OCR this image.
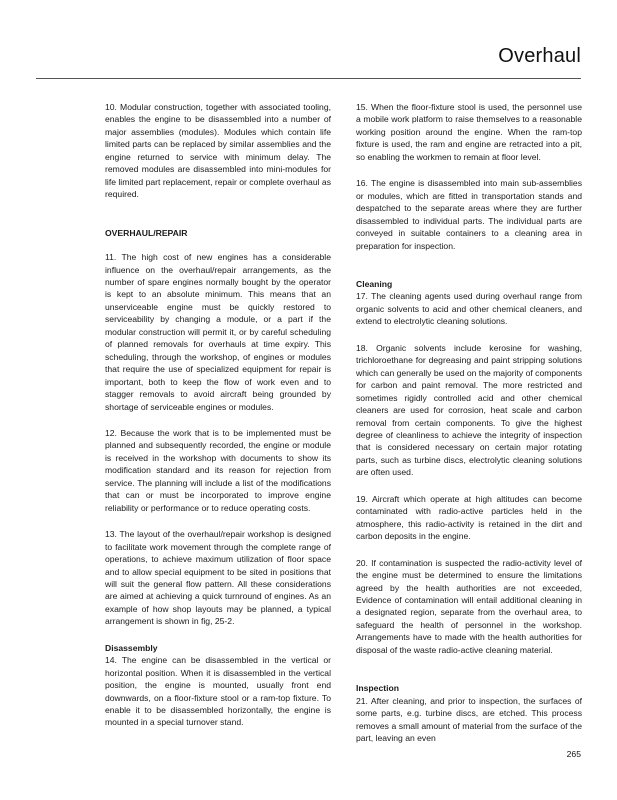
Overhaul

10. Modular construction, together with associated tooling, enables the engine to be disassembled into a number of major assemblies (modules). Modules which contain life limited parts can be replaced by similar assemblies and the engine returned to service with minimum delay. The removed modules are disassembled into mini-modules for life limited part replacement, repair or complete overhaul as required.

OVERHAUL/REPAIR

11. The high cost of new engines has a considerable influence on the overhaul/repair arrangements, as the number of spare engines normally bought by the operator is kept to an absolute minimum. This means that an unserviceable engine must be quickly restored to serviceability by changing a module, or a part if the modular construction will permit it, or by careful scheduling of planned removals for overhauls at time expiry. This scheduling, through the workshop, of engines or modules that require the use of specialized equipment for repair is important, both to keep the flow of work even and to stagger removals to avoid aircraft being grounded by shortage of serviceable engines or modules.

12. Because the work that is to be implemented must be planned and subsequently recorded, the engine or module is received in the workshop with documents to show its modification standard and its reason for rejection from service. The planning will include a list of the modifications that can or must be incorporated to improve engine reliability or performance or to reduce operating costs.

13. The layout of the overhaul/repair workshop is designed to facilitate work movement through the complete range of operations, to achieve maximum utilization of floor space and to allow special equipment to be sited in positions that will suit the general flow pattern. All these considerations are aimed at achieving a quick turnround of engines. As an example of how shop layouts may be planned, a typical arrangement is shown in fig, 25-2.

Disassembly

14. The engine can be disassembled in the vertical or horizontal position. When it is disassembled in the vertical position, the engine is mounted, usually front end downwards, on a floor-fixture stool or a ram-top fixture. To enable it to be disassembled horizontally, the engine is mounted in a special turnover stand.

15. When the floor-fixture stool is used, the personnel use a mobile work platform to raise themselves to a reasonable working position around the engine. When the ram-top fixture is used, the ram and engine are retracted into a pit, so enabling the workmen to remain at floor level.

16. The engine is disassembled into main sub-assemblies or modules, which are fitted in transportation stands and despatched to the separate areas where they are further disassembled to individual parts. The individual parts are conveyed in suitable containers to a cleaning area in preparation for inspection.

Cleaning

17. The cleaning agents used during overhaul range from organic solvents to acid and other chemical cleaners, and extend to electrolytic cleaning solutions.

18. Organic solvents include kerosine for washing, trichloroethane for degreasing and paint stripping solutions which can generally be used on the majority of components for carbon and paint removal. The more restricted and sometimes rigidly controlled acid and other chemical cleaners are used for corrosion, heat scale and carbon removal from certain components. To give the highest degree of cleanliness to achieve the integrity of inspection that is considered necessary on certain major rotating parts, such as turbine discs, electrolytic cleaning solutions are often used.

19. Aircraft which operate at high altitudes can become contaminated with radio-active particles held in the atmosphere, this radio-activity is retained in the dirt and carbon deposits in the engine.

20. If contamination is suspected the radio-activity level of the engine must be determined to ensure the limitations agreed by the health authorities are not exceeded, Evidence of contamination will entail additional cleaning in a designated region, separate from the overhaul area, to safeguard the health of personnel in the workshop. Arrangements have to made with the health authorities for disposal of the waste radio-active cleaning material.

Inspection

21. After cleaning, and prior to inspection, the surfaces of some parts, e.g. turbine discs, are etched. This process removes a small amount of material from the surface of the part, leaving an even

265
